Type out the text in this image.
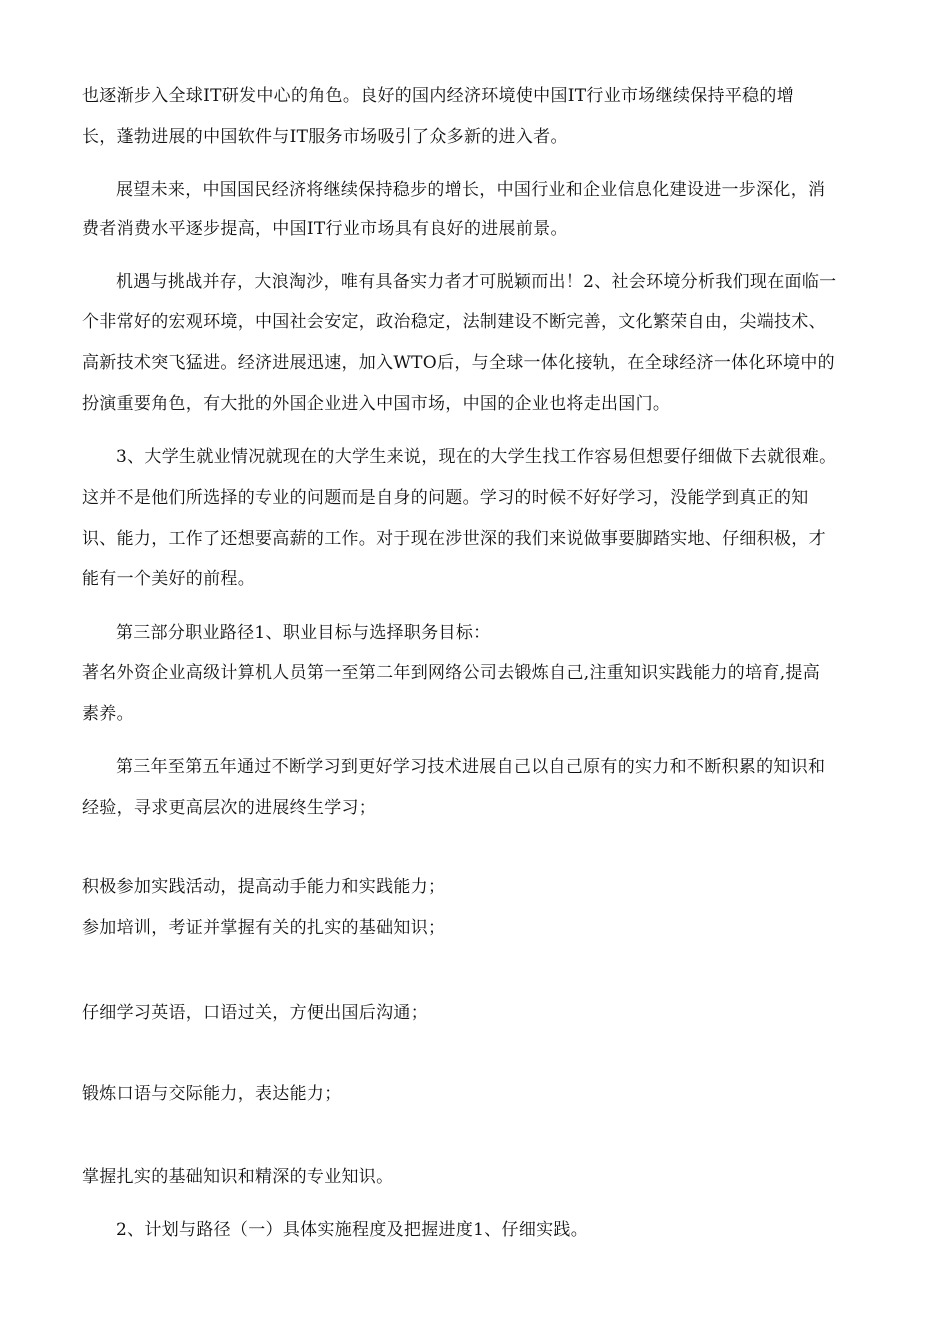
也逐渐步入全球IT研发中心的角色。良好的国内经济环境使中国IT行业市场继续保持平稳的增
长，蓬勃进展的中国软件与IT服务市场吸引了众多新的进入者。
展望未来，中国国民经济将继续保持稳步的增长，中国行业和企业信息化建设进一步深化，消
费者消费水平逐步提高，中国IT行业市场具有良好的进展前景。
机遇与挑战并存，大浪淘沙，唯有具备实力者才可脱颖而出！2、社会环境分析我们现在面临一
个非常好的宏观环境，中国社会安定，政治稳定，法制建设不断完善，文化繁荣自由，尖端技术、
高新技术突飞猛进。经济进展迅速，加入WTO后，与全球一体化接轨，在全球经济一体化环境中的
扮演重要角色，有大批的外国企业进入中国市场，中国的企业也将走出国门。
3、大学生就业情况就现在的大学生来说，现在的大学生找工作容易但想要仔细做下去就很难。
这并不是他们所选择的专业的问题而是自身的问题。学习的时候不好好学习，没能学到真正的知
识、能力，工作了还想要高薪的工作。对于现在涉世深的我们来说做事要脚踏实地、仔细积极，才
能有一个美好的前程。
第三部分职业路径1、职业目标与选择职务目标：
著名外资企业高级计算机人员第一至第二年到网络公司去锻炼自己,注重知识实践能力的培育,提高
素养。
第三年至第五年通过不断学习到更好学习技术进展自己以自己原有的实力和不断积累的知识和
经验，寻求更高层次的进展终生学习；
积极参加实践活动，提高动手能力和实践能力；
参加培训，考证并掌握有关的扎实的基础知识；
仔细学习英语，口语过关，方便出国后沟通；
锻炼口语与交际能力，表达能力；
掌握扎实的基础知识和精深的专业知识。
2、计划与路径（一）具体实施程度及把握进度1、仔细实践。
